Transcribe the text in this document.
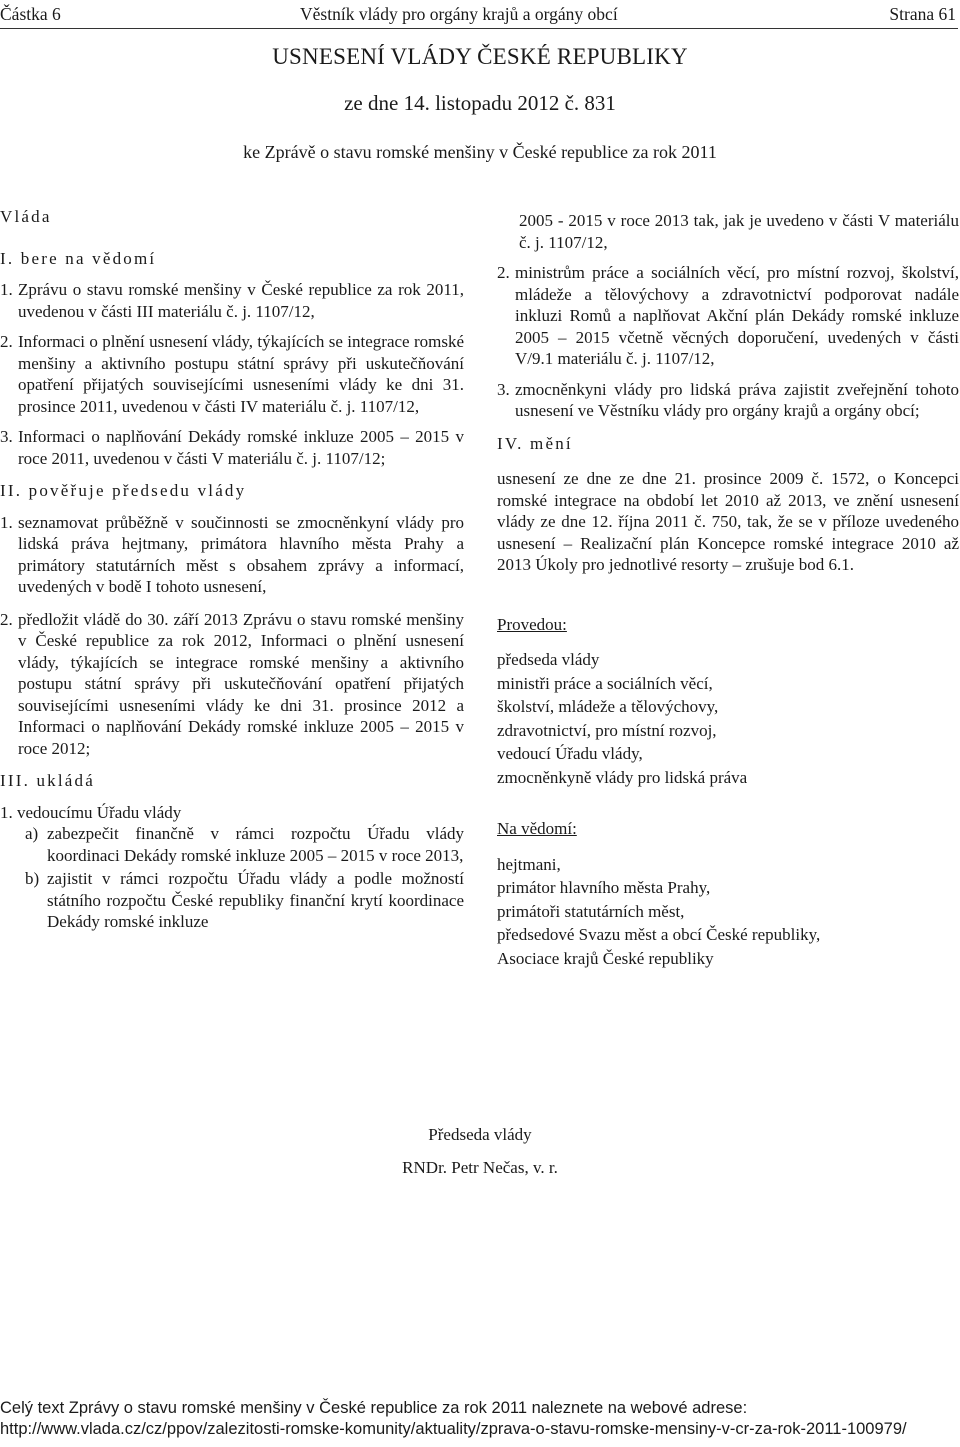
Částka 6	Věstník vlády pro orgány krajů a orgány obcí	Strana 61
USNESENÍ VLÁDY ČESKÉ REPUBLIKY
ze dne 14. listopadu 2012 č. 831
ke Zprávě o stavu romské menšiny v České republice za rok 2011
Vláda
I. bere na vědomí
1. Zprávu o stavu romské menšiny v České republice za rok 2011, uvedenou v části III materiálu č. j. 1107/12,
2. Informaci o plnění usnesení vlády, týkajících se integrace romské menšiny a aktivního postupu státní správy při uskutečňování opatření přijatých souvisejícími usneseními vlády ke dni 31. prosince 2011, uvedenou v části IV materiálu č. j. 1107/12,
3. Informaci o naplňování Dekády romské inkluze 2005 – 2015 v roce 2011, uvedenou v části V materiálu č. j. 1107/12;
II. pověřuje předsedu vlády
1. seznamovat průběžně v součinnosti se zmocněnkyní vlády pro lidská práva hejtmany, primátora hlavního města Prahy a primátory statutárních měst s obsahem zprávy a informací, uvedených v bodě I tohoto usnesení,
2. předložit vládě do 30. září 2013 Zprávu o stavu romské menšiny v České republice za rok 2012, Informaci o plnění usnesení vlády, týkajících se integrace romské menšiny a aktivního postupu státní správy při uskutečňování opatření přijatých souvisejícími usneseními vlády ke dni 31. prosince 2012 a Informaci o naplňování Dekády romské inkluze 2005 – 2015 v roce 2012;
III. ukládá
1. vedoucímu Úřadu vlády
a) zabezpečit finančně v rámci rozpočtu Úřadu vlády koordinaci Dekády romské inkluze 2005 – 2015 v roce 2013,
b) zajistit v rámci rozpočtu Úřadu vlády a podle možností státního rozpočtu České republiky finanční krytí koordinace Dekády romské inkluze

2005 - 2015 v roce 2013 tak, jak je uvedeno v části V materiálu č. j. 1107/12,

2. ministrům práce a sociálních věcí, pro místní rozvoj, školství, mládeže a tělovýchovy a zdravotnictví podporovat nadále inkluzi Romů a naplňovat Akční plán Dekády romské inkluze 2005 – 2015 včetně věcných doporučení, uvedených v části V/9.1 materiálu č. j. 1107/12,
3. zmocněnkyni vlády pro lidská práva zajistit zveřejnění tohoto usnesení ve Věstníku vlády pro orgány krajů a orgány obcí;
IV. mění

usnesení ze dne ze dne 21. prosince 2009 č. 1572, o Koncepci romské integrace na období let 2010 až 2013, ve znění usnesení vlády ze dne 12. října 2011 č. 750, tak, že se v příloze uvedeného usnesení – Realizační plán Koncepce romské integrace 2010 až 2013 Úkoly pro jednotlivé resorty – zrušuje bod 6.1.

Provedou:
předseda vlády
ministři práce a sociálních věcí,
školství, mládeže a tělovýchovy,
zdravotnictví, pro místní rozvoj,
vedoucí Úřadu vlády,
zmocněnkyně vlády pro lidská práva
Na vědomí:
hejtmani,
primátor hlavního města Prahy,
primátoři statutárních měst,
předsedové Svazu měst a obcí České republiky,
Asociace krajů České republiky
Předseda vlády
RNDr. Petr Nečas, v. r.
Celý text Zprávy o stavu romské menšiny v České republice za rok 2011 naleznete na webové adrese:
http://www.vlada.cz/cz/ppov/zalezitosti-romske-komunity/aktuality/zprava-o-stavu-romske-mensiny-v-cr-za-rok-2011-100979/
